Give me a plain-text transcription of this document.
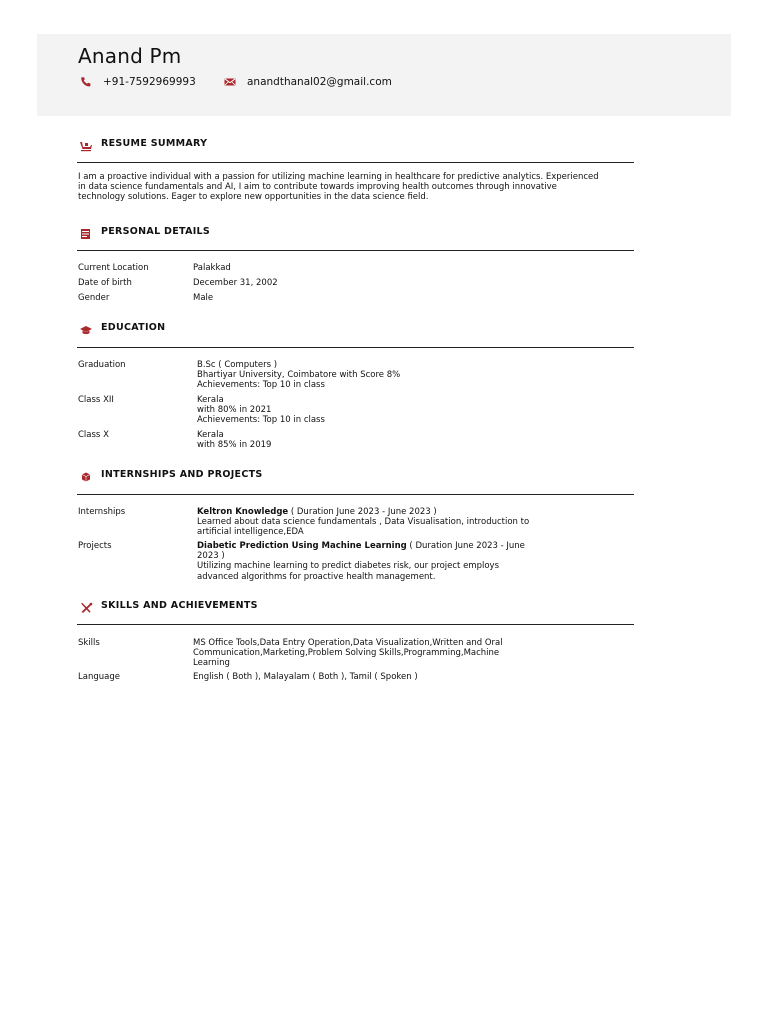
Anand Pm
+91-7592969993	anandthanal02@gmail.com
RESUME SUMMARY
I am a proactive individual with a passion for utilizing machine learning in healthcare for predictive analytics. Experienced
in data science fundamentals and AI, I aim to contribute towards improving health outcomes through innovative
technology solutions. Eager to explore new opportunities in the data science field.
PERSONAL DETAILS
Current Location	Palakkad
Date of birth	December 31, 2002
Gender	Male
EDUCATION
Graduation	B.Sc ( Computers )
Bhartiyar University, Coimbatore with Score 8%
Achievements: Top 10 in class
Class XII	Kerala
with 80% in 2021
Achievements: Top 10 in class
Class X	Kerala
with 85% in 2019
INTERNSHIPS AND PROJECTS
Internships	Keltron Knowledge ( Duration June 2023 - June 2023 )
Learned about data science fundamentals , Data Visualisation, introduction to
artificial intelligence,EDA
Projects	Diabetic Prediction Using Machine Learning ( Duration June 2023 - June
2023 )
Utilizing machine learning to predict diabetes risk, our project employs
advanced algorithms for proactive health management.
SKILLS AND ACHIEVEMENTS
Skills	MS Office Tools,Data Entry Operation,Data Visualization,Written and Oral
Communication,Marketing,Problem Solving Skills,Programming,Machine
Learning
Language	English ( Both ), Malayalam ( Both ), Tamil ( Spoken )
